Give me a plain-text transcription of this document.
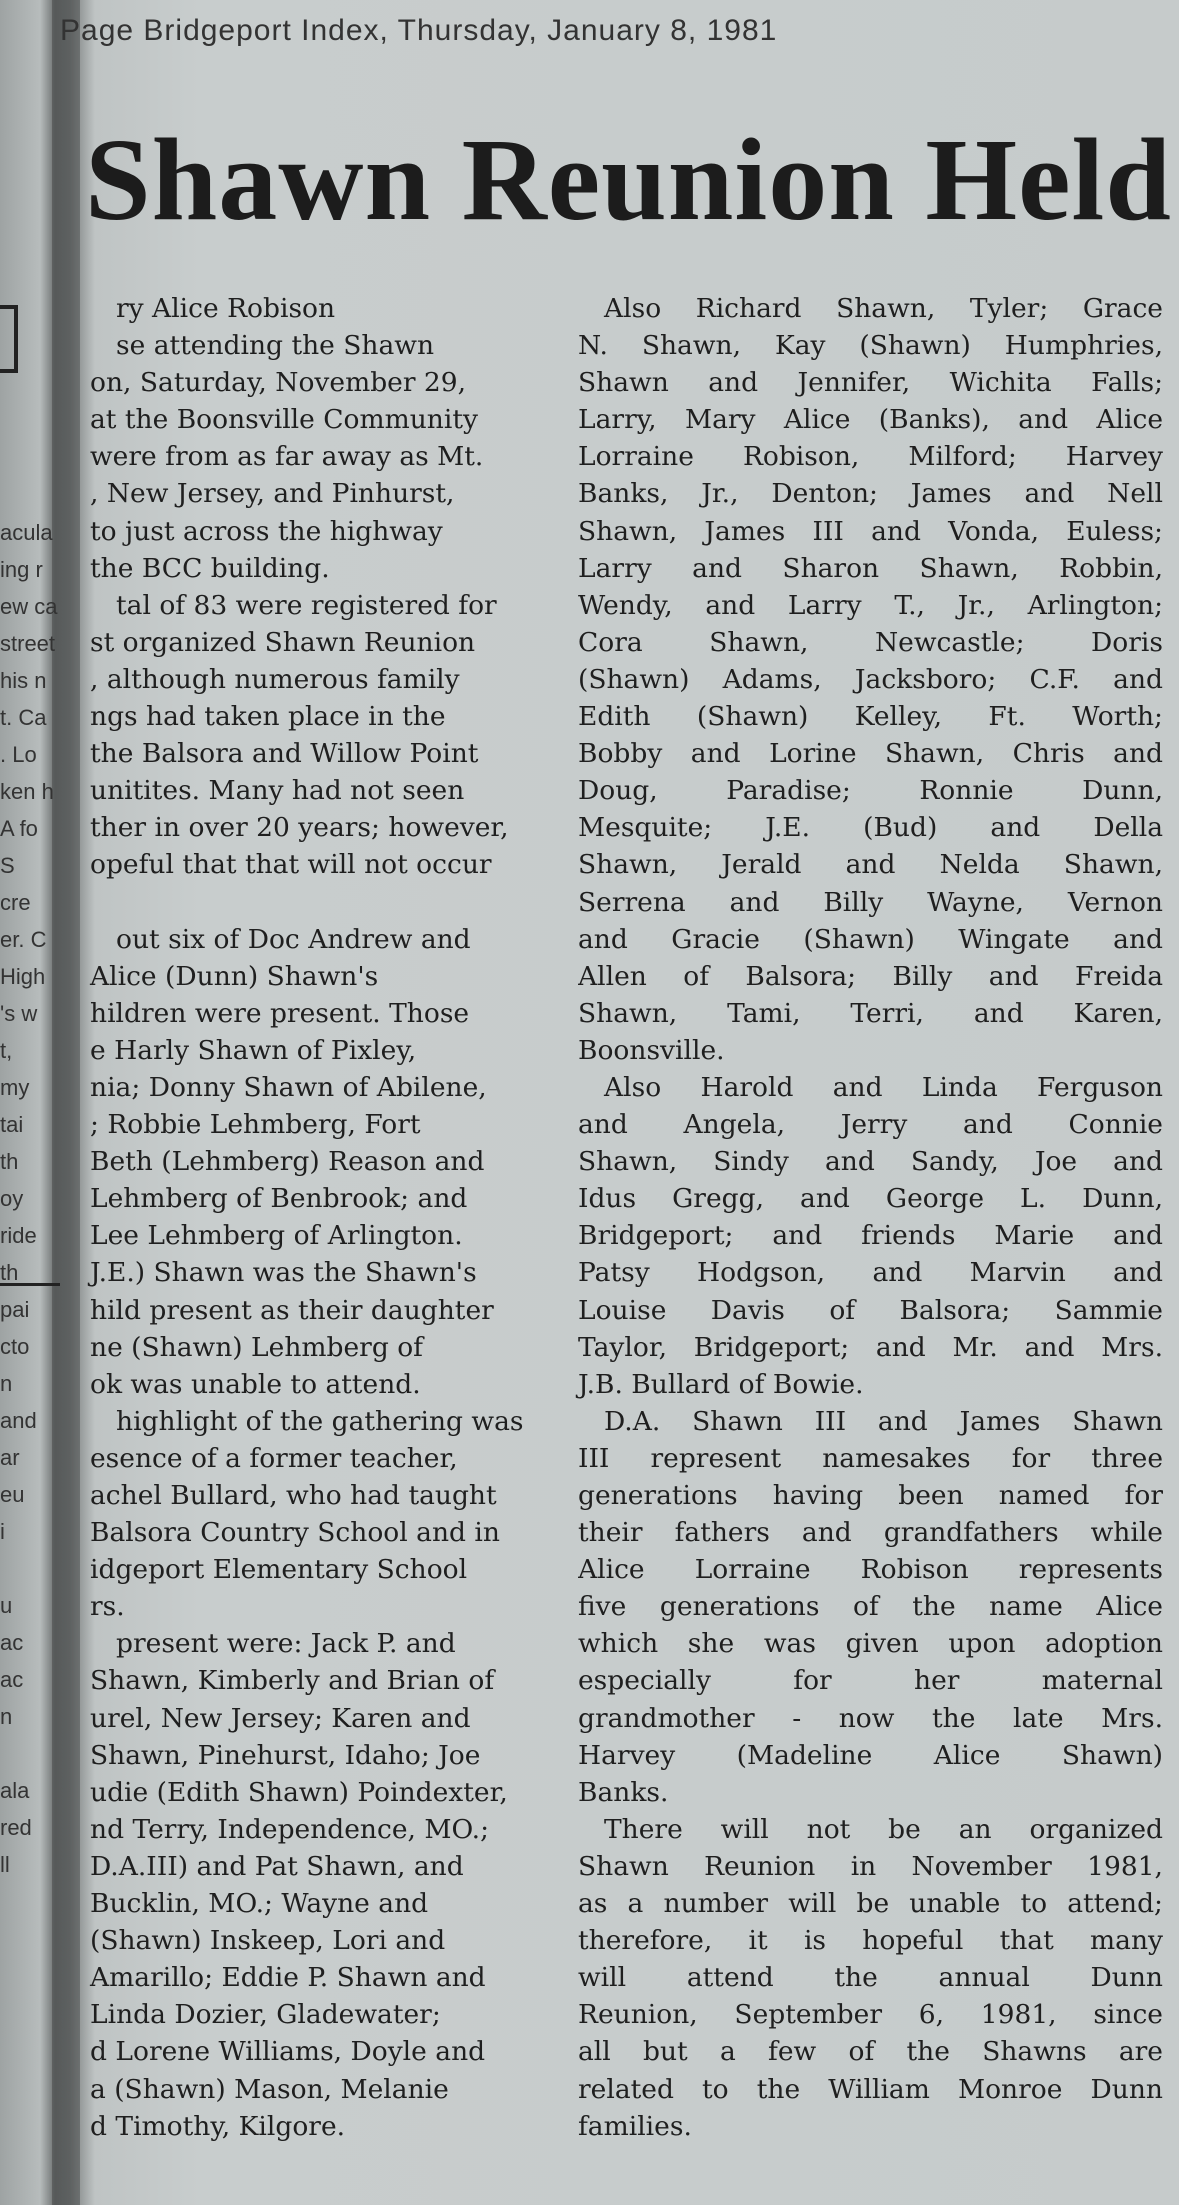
Page Bridgeport Index, Thursday, January 8, 1981
Shawn Reunion Held
acula
ing r
ew ca
street
his n
t. Ca
. Lo
ken h
A fo
S
cre
er. C
High
's w
t,
my
tai
th
oy
ride
th
pai
cto
n
and
ar
eu
i
u
ac
ac
n
ala
red
ll
ry Alice Robison
se attending the Shawn
on, Saturday, November 29,
at the Boonsville Community
were from as far away as Mt.
, New Jersey, and Pinhurst,
to just across the highway
the BCC building.
tal of 83 were registered for
st organized Shawn Reunion
, although numerous family
ngs had taken place in the
the Balsora and Willow Point
unitites. Many had not seen
ther in over 20 years; however,
opeful that that will not occur
out six of Doc Andrew and
Alice (Dunn) Shawn's
hildren were present. Those
e Harly Shawn of Pixley,
nia; Donny Shawn of Abilene,
; Robbie Lehmberg, Fort
Beth (Lehmberg) Reason and
Lehmberg of Benbrook; and
Lee Lehmberg of Arlington.
J.E.) Shawn was the Shawn's
hild present as their daughter
ne (Shawn) Lehmberg of
ok was unable to attend.
highlight of the gathering was
esence of a former teacher,
achel Bullard, who had taught
Balsora Country School and in
idgeport Elementary School
rs.
present were: Jack P. and
Shawn, Kimberly and Brian of
urel, New Jersey; Karen and
Shawn, Pinehurst, Idaho; Joe
udie (Edith Shawn) Poindexter,
nd Terry, Independence, MO.;
D.A.III) and Pat Shawn, and
Bucklin, MO.; Wayne and
(Shawn) Inskeep, Lori and
Amarillo; Eddie P. Shawn and
Linda Dozier, Gladewater;
d Lorene Williams, Doyle and
a (Shawn) Mason, Melanie
d Timothy, Kilgore.
Also Richard Shawn, Tyler; Grace
N. Shawn, Kay (Shawn) Humphries,
Shawn and Jennifer, Wichita Falls;
Larry, Mary Alice (Banks), and Alice
Lorraine Robison, Milford; Harvey
Banks, Jr., Denton; James and Nell
Shawn, James III and Vonda, Euless;
Larry and Sharon Shawn, Robbin,
Wendy, and Larry T., Jr., Arlington;
Cora Shawn, Newcastle; Doris
(Shawn) Adams, Jacksboro; C.F. and
Edith (Shawn) Kelley, Ft. Worth;
Bobby and Lorine Shawn, Chris and
Doug, Paradise; Ronnie Dunn,
Mesquite; J.E. (Bud) and Della
Shawn, Jerald and Nelda Shawn,
Serrena and Billy Wayne, Vernon
and Gracie (Shawn) Wingate and
Allen of Balsora; Billy and Freida
Shawn, Tami, Terri, and Karen,
Boonsville.
Also Harold and Linda Ferguson
and Angela, Jerry and Connie
Shawn, Sindy and Sandy, Joe and
Idus Gregg, and George L. Dunn,
Bridgeport; and friends Marie and
Patsy Hodgson, and Marvin and
Louise Davis of Balsora; Sammie
Taylor, Bridgeport; and Mr. and Mrs.
J.B. Bullard of Bowie.
D.A. Shawn III and James Shawn
III represent namesakes for three
generations having been named for
their fathers and grandfathers while
Alice Lorraine Robison represents
five generations of the name Alice
which she was given upon adoption
especially for her maternal
grandmother - now the late Mrs.
Harvey (Madeline Alice Shawn)
Banks.
There will not be an organized
Shawn Reunion in November 1981,
as a number will be unable to attend;
therefore, it is hopeful that many
will attend the annual Dunn
Reunion, September 6, 1981, since
all but a few of the Shawns are
related to the William Monroe Dunn
families.
